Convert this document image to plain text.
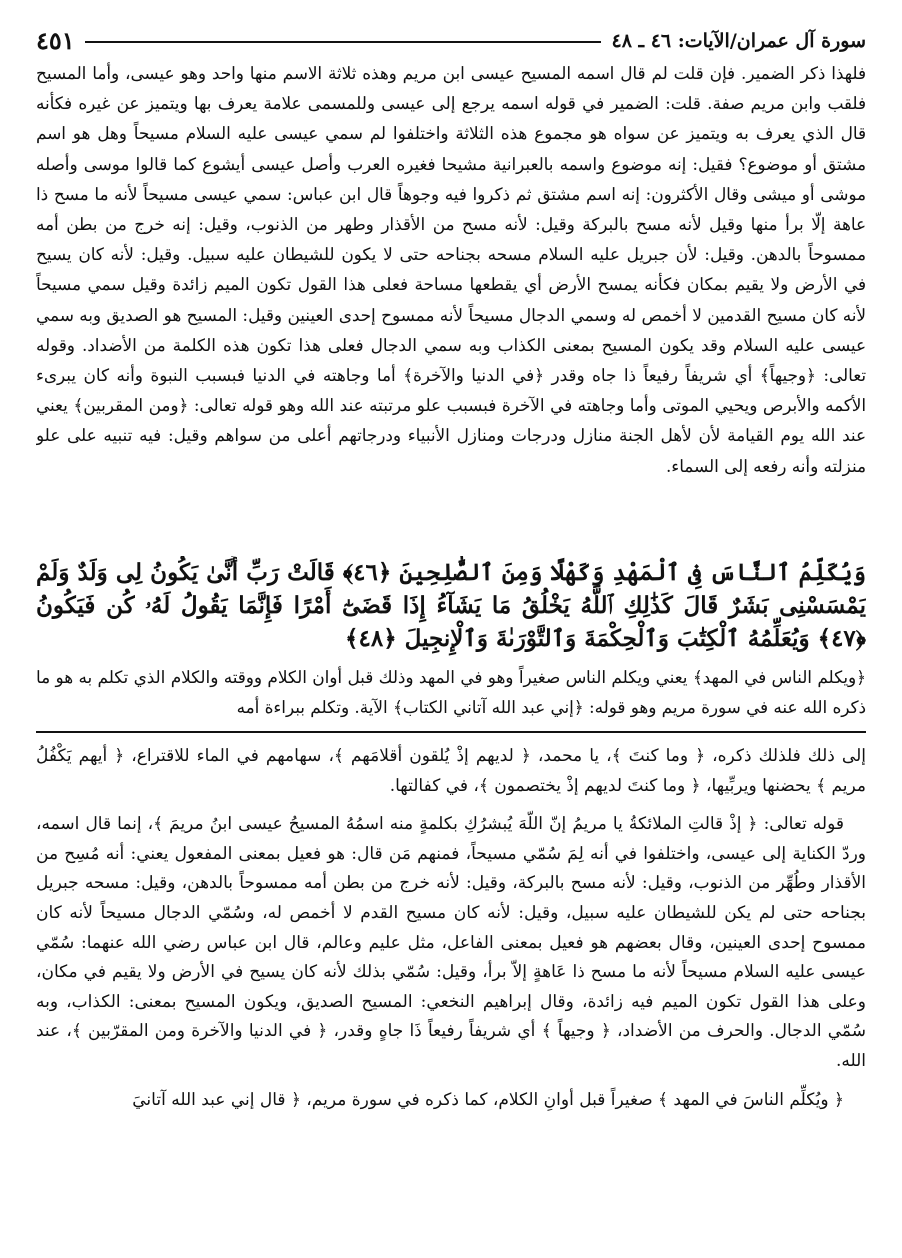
سورة آل عمران/الآيات: ٤٦ ـ ٤٨
٤٥١

فلهذا ذكر الضمير. فإن قلت لم قال اسمه المسيح عيسى ابن مريم وهذه ثلاثة الاسم منها واحد وهو عيسى، وأما المسيح فلقب وابن مريم صفة. قلت: الضمير في قوله اسمه يرجع إلى عيسى وللمسمى علامة يعرف بها ويتميز عن غيره فكأنه قال الذي يعرف به ويتميز عن سواه هو مجموع هذه الثلاثة واختلفوا لم سمي عيسى عليه السلام مسيحاً وهل هو اسم مشتق أو موضوع؟ فقيل: إنه موضوع واسمه بالعبرانية مشيحا فغيره العرب وأصل عيسى أيشوع كما قالوا موسى وأصله موشى أو ميشى وقال الأكثرون: إنه اسم مشتق ثم ذكروا فيه وجوهاً قال ابن عباس: سمي عيسى مسيحاً لأنه ما مسح ذا عاهة إلّا برأ منها وقيل لأنه مسح بالبركة وقيل: لأنه مسح من الأقذار وطهر من الذنوب، وقيل: إنه خرج من بطن أمه ممسوحاً بالدهن. وقيل: لأن جبريل عليه السلام مسحه بجناحه حتى لا يكون للشيطان عليه سبيل. وقيل: لأنه كان يسيح في الأرض ولا يقيم بمكان فكأنه يمسح الأرض أي يقطعها مساحة فعلى هذا القول تكون الميم زائدة وقيل سمي مسيحاً لأنه كان مسيح القدمين لا أخمص له وسمي الدجال مسيحاً لأنه ممسوح إحدى العينين وقيل: المسيح هو الصديق وبه سمي عيسى عليه السلام وقد يكون المسيح بمعنى الكذاب وبه سمي الدجال فعلى هذا تكون هذه الكلمة من الأضداد. وقوله تعالى: ﴿وجيهاً﴾ أي شريفاً رفيعاً ذا جاه وقدر ﴿في الدنيا والآخرة﴾ أما وجاهته في الدنيا فبسبب النبوة وأنه كان يبرىء الأكمه والأبرص ويحيي الموتى وأما وجاهته في الآخرة فبسبب علو مرتبته عند الله وهو قوله تعالى: ﴿ومن المقربين﴾ يعني عند الله يوم القيامة لأن لأهل الجنة منازل ودرجات ومنازل الأنبياء ودرجاتهم أعلى من سواهم وقيل: فيه تنبيه على علو منزلته وأنه رفعه إلى السماء.

وَيُكَلِّمُ ٱلنَّاسَ فِى ٱلْمَهْدِ وَكَهْلًا وَمِنَ ٱلصَّٰلِحِينَ ﴿٤٦﴾ قَالَتْ رَبِّ أَنَّىٰ يَكُونُ لِى وَلَدٌ وَلَمْ يَمْسَسْنِى بَشَرٌ قَالَ كَذَٰلِكِ ٱللَّهُ يَخْلُقُ مَا يَشَآءُ إِذَا قَضَىٰٓ أَمْرًا فَإِنَّمَا يَقُولُ لَهُۥ كُن فَيَكُونُ ﴿٤٧﴾ وَيُعَلِّمُهُ ٱلْكِتَٰبَ وَٱلْحِكْمَةَ وَٱلتَّوْرَىٰةَ وَٱلْإِنجِيلَ ﴿٤٨﴾

﴿ويكلم الناس في المهد﴾ يعني ويكلم الناس صغيراً وهو في المهد وذلك قبل أوان الكلام ووقته والكلام الذي تكلم به هو ما ذكره الله عنه في سورة مريم وهو قوله: ﴿إني عبد الله آتاني الكتاب﴾ الآية. وتكلم ببراءة أمه

إلى ذلك فلذلك ذكره، ﴿ وما كنتَ ﴾، يا محمد، ﴿ لديهم إذْ يُلقون أقلامَهم ﴾، سهامهم في الماء للاقتراع، ﴿ أيهم يَكْفُلُ مريم ﴾ يحضنها ويربِّيها، ﴿ وما كنتَ لديهم إذْ يختصمون ﴾، في كفالتها.

قوله تعالى: ﴿ إذْ قالتِ الملائكةُ يا مريمُ إنّ اللّهَ يُبشرُكِ بكلمةٍ منه اسمُهُ المسيحُ عيسى ابنُ مريمَ ﴾، إنما قال اسمه، وردّ الكناية إلى عيسى، واختلفوا في أنه لِمَ سُمّي مسيحاً، فمنهم مَن قال: هو فعيل بمعنى المفعول يعني: أنه مُسِح من الأقذار وطُهِّر من الذنوب، وقيل: لأنه مسح بالبركة، وقيل: لأنه خرج من بطن أمه ممسوحاً بالدهن، وقيل: مسحه جبريل بجناحه حتى لم يكن للشيطان عليه سبيل، وقيل: لأنه كان مسيح القدم لا أخمص له، وسُمّي الدجال مسيحاً لأنه كان ممسوح إحدى العينين، وقال بعضهم هو فعيل بمعنى الفاعل، مثل عليم وعالم، قال ابن عباس رضي الله عنهما: سُمّي عيسى عليه السلام مسيحاً لأنه ما مسح ذا عَاهةٍ إلاّ برأ، وقيل: سُمّي بذلك لأنه كان يسيح في الأرض ولا يقيم في مكان، وعلى هذا القول تكون الميم فيه زائدة، وقال إبراهيم النخعي: المسيح الصديق، ويكون المسيح بمعنى: الكذاب، وبه سُمّي الدجال. والحرف من الأضداد، ﴿ وجيهاً ﴾ أي شريفاً رفيعاً ذَا جاهٍ وقدر، ﴿ في الدنيا والآخرة ومن المقرّبين ﴾، عند الله.

﴿ ويُكلِّم الناسَ في المهد ﴾ صغيراً قبل أوانِ الكلام، كما ذكره في سورة مريم، ﴿ قال إني عبد الله آتانيَ
